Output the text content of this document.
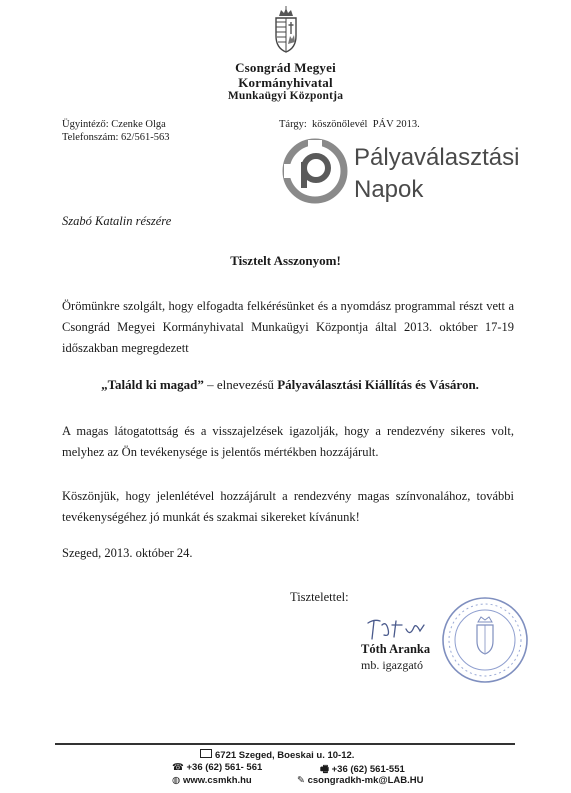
Csongrád Megyei
Kormányhivatal
Munkaügyi Központja
Ügyintéző: Czenke Olga
Telefonszám: 62/561-563
Tárgy:  köszönőlevél  PÁV 2013.
Pályaválasztási
Napok
Szabó Katalin részére
Tisztelt Asszonyom!
Örömünkre szolgált, hogy elfogadta felkérésünket és a nyomdász programmal részt vett a Csongrád Megyei Kormányhivatal Munkaügyi Központja által 2013. október 17-19 időszakban megregdezett
„Találd ki magad” – elnevezésű Pályaválasztási Kiállítás és Vásáron.
A magas látogatottság és a visszajelzések igazolják, hogy a rendezvény sikeres volt, melyhez az Ön tevékenysége is jelentős mértékben hozzájárult.
Köszönjük, hogy jelenlétével hozzájárult a rendezvény magas színvonalához, további tevékenységéhez jó munkát és szakmai sikereket kívánunk!
Szeged, 2013. október 24.
Tisztelettel:
Tóth Aranka
mb. igazgató
6721 Szeged, Boeskai u. 10-12.
☎ +36 (62) 561- 561	🖷 +36 (62) 561-551
◍ www.csmkh.hu	✎ csongradkh-mk@LAB.HU
